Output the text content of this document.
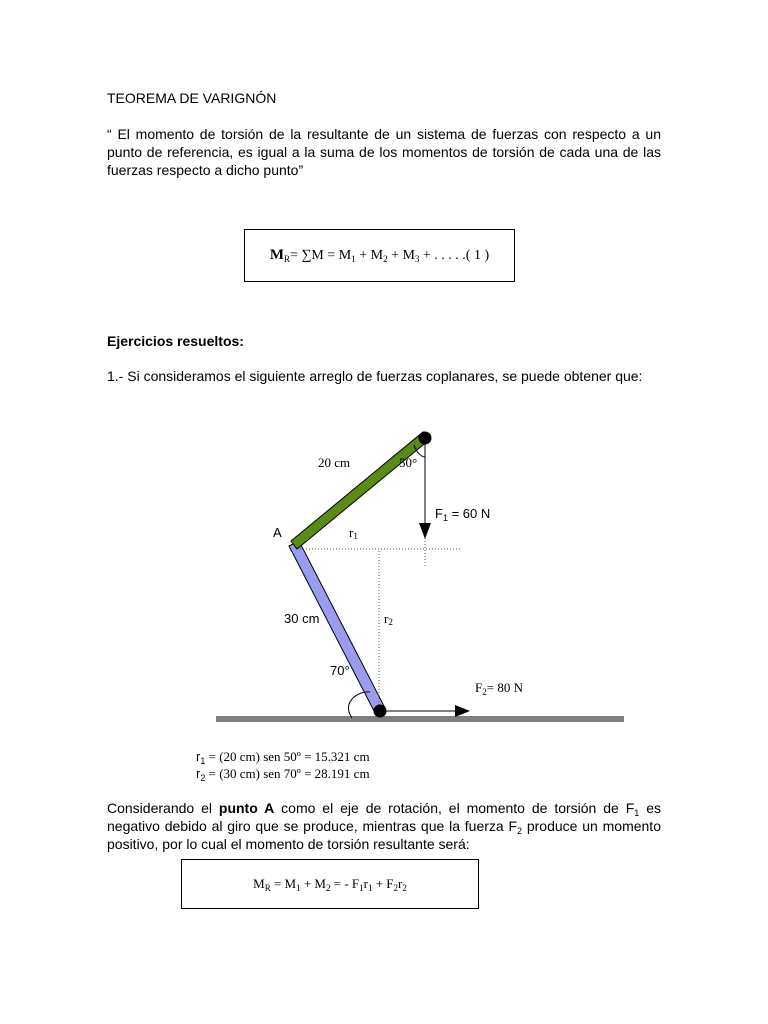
TEOREMA DE VARIGNÓN
“ El momento de torsión de la resultante de un sistema de fuerzas con respecto a un punto de referencia, es igual a la suma de los momentos de torsión de cada una de las fuerzas respecto a dicho punto”
$M_R= \sum M = M_1 + M_2 + M_3$ + . . . . .( 1 )
Ejercicios resueltos:
1.- Si consideramos el siguiente arreglo de fuerzas coplanares, se puede obtener que:
20 cm	50°
$F_1 = 60$ N
A	r1
30 cm	r2
70°
$F_2= 80$ N
$r_1 = (20$ cm) sen 50º = 15.321 cm
$r_2 = (30$ cm) sen 70º = 28.191 cm
Considerando el punto A como el eje de rotación, el momento de torsión de $F_1$ es negativo debido al giro que se produce, mientras que la fuerza $F_2$ produce un momento positivo, por lo cual el momento de torsión resultante será:
$M_R = M_1 + M_2$ = - $F_1r_1 + F_2r_2$
